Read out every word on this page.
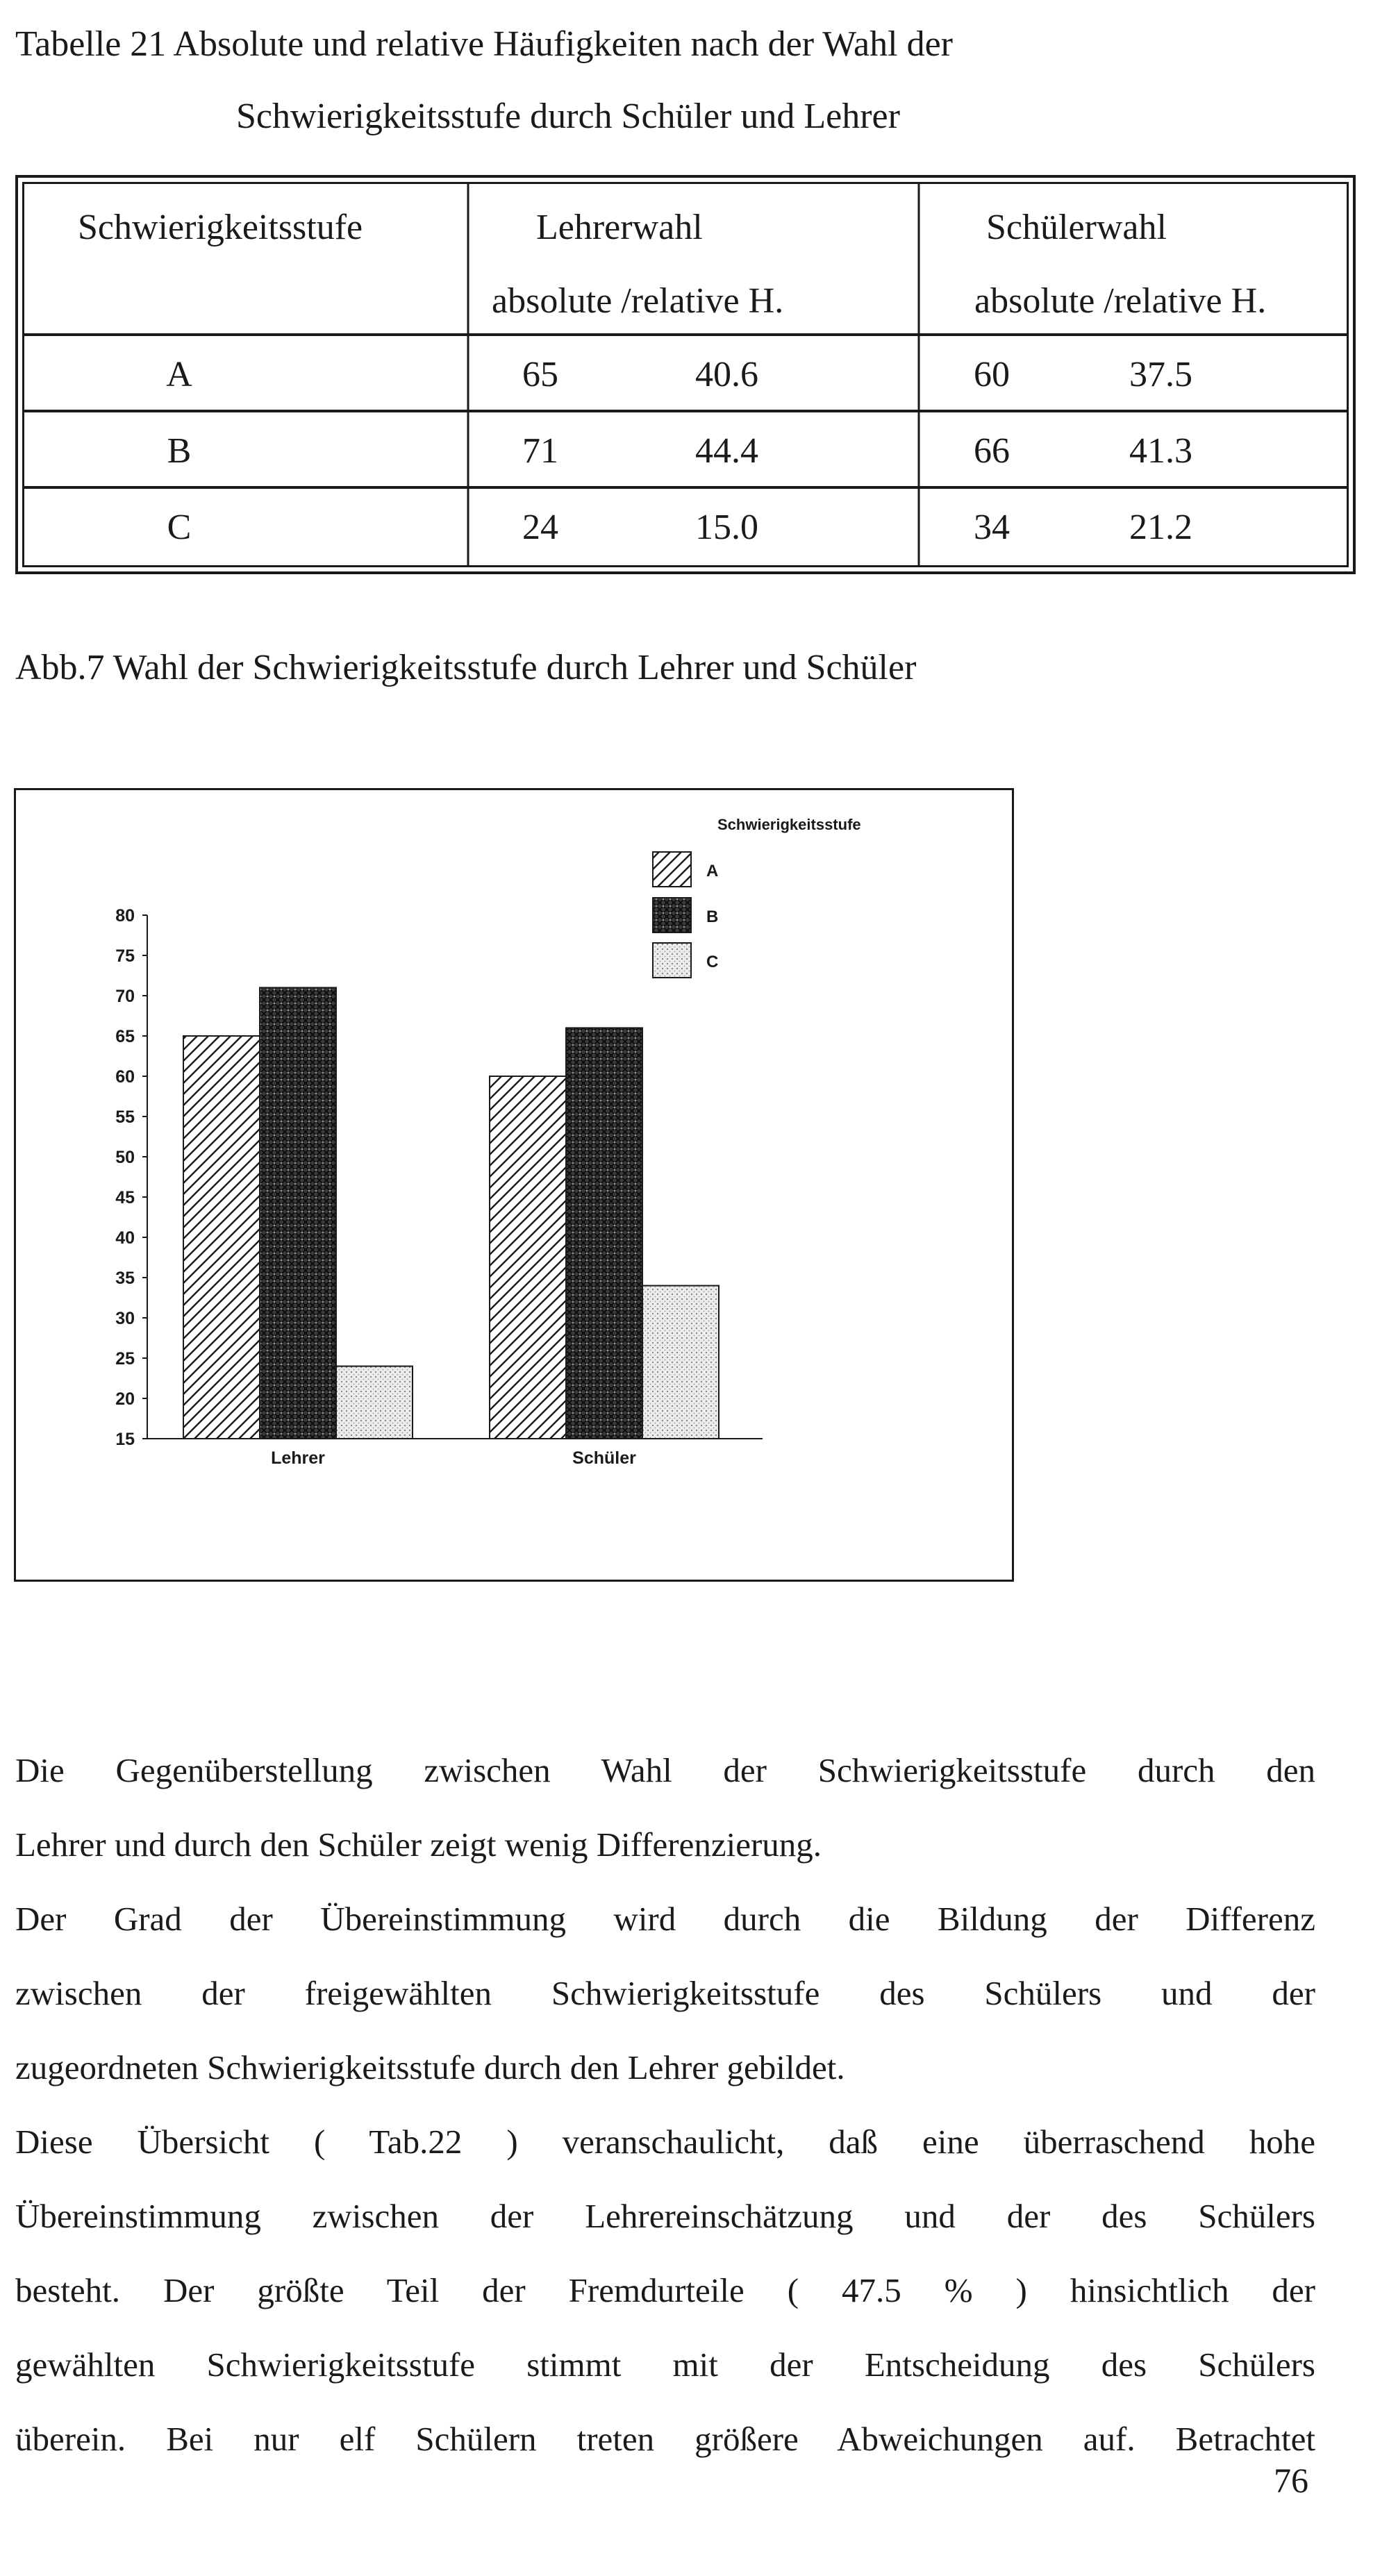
Tabelle 21 Absolute und relative Häufigkeiten nach der Wahl der
Schwierigkeitsstufe durch Schüler und Lehrer
Schwierigkeitsstufe	Lehrerwahl	Schülerwahl
absolute /relative H.	absolute /relative H.
A	65	40.6	60	37.5
B	71	44.4	66	41.3
C	24	15.0	34	21.2
Abb.7 Wahl der Schwierigkeitsstufe durch Lehrer und Schüler
15
20
25
30
35
40
45
50
55
60
65
70
75
80
Lehrer	Schüler
Schwierigkeitsstufe
A
B
C
Die Gegenüberstellung zwischen Wahl der Schwierigkeitsstufe durch den
Lehrer und durch den Schüler zeigt wenig Differenzierung.
Der Grad der Übereinstimmung wird durch die Bildung der Differenz
zwischen der freigewählten Schwierigkeitsstufe des Schülers und der
zugeordneten Schwierigkeitsstufe durch den Lehrer gebildet.
Diese Übersicht ( Tab.22 ) veranschaulicht, daß eine überraschend hohe
Übereinstimmung zwischen der Lehrereinschätzung und der des Schülers
besteht. Der größte Teil der Fremdurteile ( 47.5 % ) hinsichtlich der
gewählten Schwierigkeitsstufe stimmt mit der Entscheidung des Schülers
überein. Bei nur elf Schülern treten größere Abweichungen auf. Betrachtet
76
